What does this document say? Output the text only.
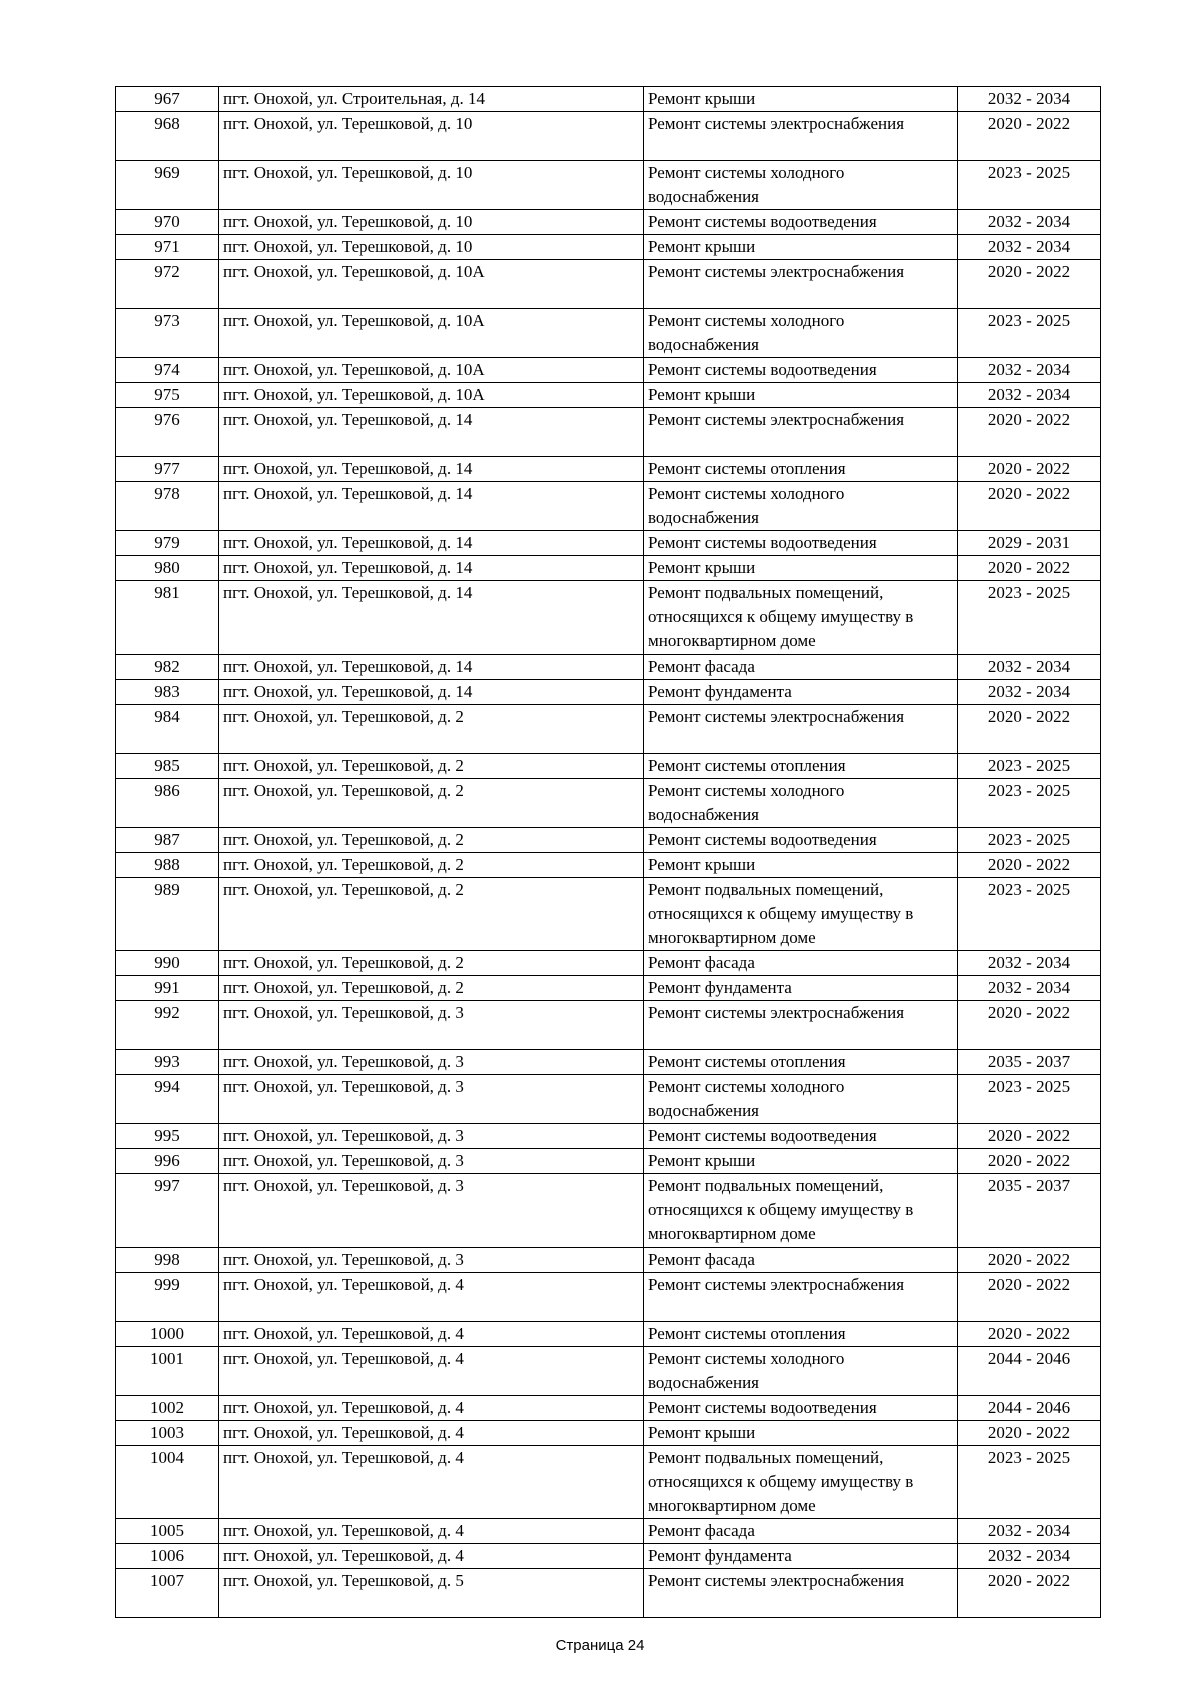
967	пгт. Онохой, ул. Строительная, д. 14	Ремонт крыши	2032 - 2034
968	пгт. Онохой, ул. Терешковой, д. 10	Ремонт системы электроснабжения	2020 - 2022
969	пгт. Онохой, ул. Терешковой, д. 10	Ремонт системы холодного водоснабжения	2023 - 2025
970	пгт. Онохой, ул. Терешковой, д. 10	Ремонт системы водоотведения	2032 - 2034
971	пгт. Онохой, ул. Терешковой, д. 10	Ремонт крыши	2032 - 2034
972	пгт. Онохой, ул. Терешковой, д. 10А	Ремонт системы электроснабжения	2020 - 2022
973	пгт. Онохой, ул. Терешковой, д. 10А	Ремонт системы холодного водоснабжения	2023 - 2025
974	пгт. Онохой, ул. Терешковой, д. 10А	Ремонт системы водоотведения	2032 - 2034
975	пгт. Онохой, ул. Терешковой, д. 10А	Ремонт крыши	2032 - 2034
976	пгт. Онохой, ул. Терешковой, д. 14	Ремонт системы электроснабжения	2020 - 2022
977	пгт. Онохой, ул. Терешковой, д. 14	Ремонт системы отопления	2020 - 2022
978	пгт. Онохой, ул. Терешковой, д. 14	Ремонт системы холодного водоснабжения	2020 - 2022
979	пгт. Онохой, ул. Терешковой, д. 14	Ремонт системы водоотведения	2029 - 2031
980	пгт. Онохой, ул. Терешковой, д. 14	Ремонт крыши	2020 - 2022
981	пгт. Онохой, ул. Терешковой, д. 14	Ремонт подвальных помещений, относящихся к общему имуществу в многоквартирном доме	2023 - 2025
982	пгт. Онохой, ул. Терешковой, д. 14	Ремонт фасада	2032 - 2034
983	пгт. Онохой, ул. Терешковой, д. 14	Ремонт фундамента	2032 - 2034
984	пгт. Онохой, ул. Терешковой, д. 2	Ремонт системы электроснабжения	2020 - 2022
985	пгт. Онохой, ул. Терешковой, д. 2	Ремонт системы отопления	2023 - 2025
986	пгт. Онохой, ул. Терешковой, д. 2	Ремонт системы холодного водоснабжения	2023 - 2025
987	пгт. Онохой, ул. Терешковой, д. 2	Ремонт системы водоотведения	2023 - 2025
988	пгт. Онохой, ул. Терешковой, д. 2	Ремонт крыши	2020 - 2022
989	пгт. Онохой, ул. Терешковой, д. 2	Ремонт подвальных помещений, относящихся к общему имуществу в многоквартирном доме	2023 - 2025
990	пгт. Онохой, ул. Терешковой, д. 2	Ремонт фасада	2032 - 2034
991	пгт. Онохой, ул. Терешковой, д. 2	Ремонт фундамента	2032 - 2034
992	пгт. Онохой, ул. Терешковой, д. 3	Ремонт системы электроснабжения	2020 - 2022
993	пгт. Онохой, ул. Терешковой, д. 3	Ремонт системы отопления	2035 - 2037
994	пгт. Онохой, ул. Терешковой, д. 3	Ремонт системы холодного водоснабжения	2023 - 2025
995	пгт. Онохой, ул. Терешковой, д. 3	Ремонт системы водоотведения	2020 - 2022
996	пгт. Онохой, ул. Терешковой, д. 3	Ремонт крыши	2020 - 2022
997	пгт. Онохой, ул. Терешковой, д. 3	Ремонт подвальных помещений, относящихся к общему имуществу в многоквартирном доме	2035 - 2037
998	пгт. Онохой, ул. Терешковой, д. 3	Ремонт фасада	2020 - 2022
999	пгт. Онохой, ул. Терешковой, д. 4	Ремонт системы электроснабжения	2020 - 2022
1000	пгт. Онохой, ул. Терешковой, д. 4	Ремонт системы отопления	2020 - 2022
1001	пгт. Онохой, ул. Терешковой, д. 4	Ремонт системы холодного водоснабжения	2044 - 2046
1002	пгт. Онохой, ул. Терешковой, д. 4	Ремонт системы водоотведения	2044 - 2046
1003	пгт. Онохой, ул. Терешковой, д. 4	Ремонт крыши	2020 - 2022
1004	пгт. Онохой, ул. Терешковой, д. 4	Ремонт подвальных помещений, относящихся к общему имуществу в многоквартирном доме	2023 - 2025
1005	пгт. Онохой, ул. Терешковой, д. 4	Ремонт фасада	2032 - 2034
1006	пгт. Онохой, ул. Терешковой, д. 4	Ремонт фундамента	2032 - 2034
1007	пгт. Онохой, ул. Терешковой, д. 5	Ремонт системы электроснабжения	2020 - 2022
Страница 24
